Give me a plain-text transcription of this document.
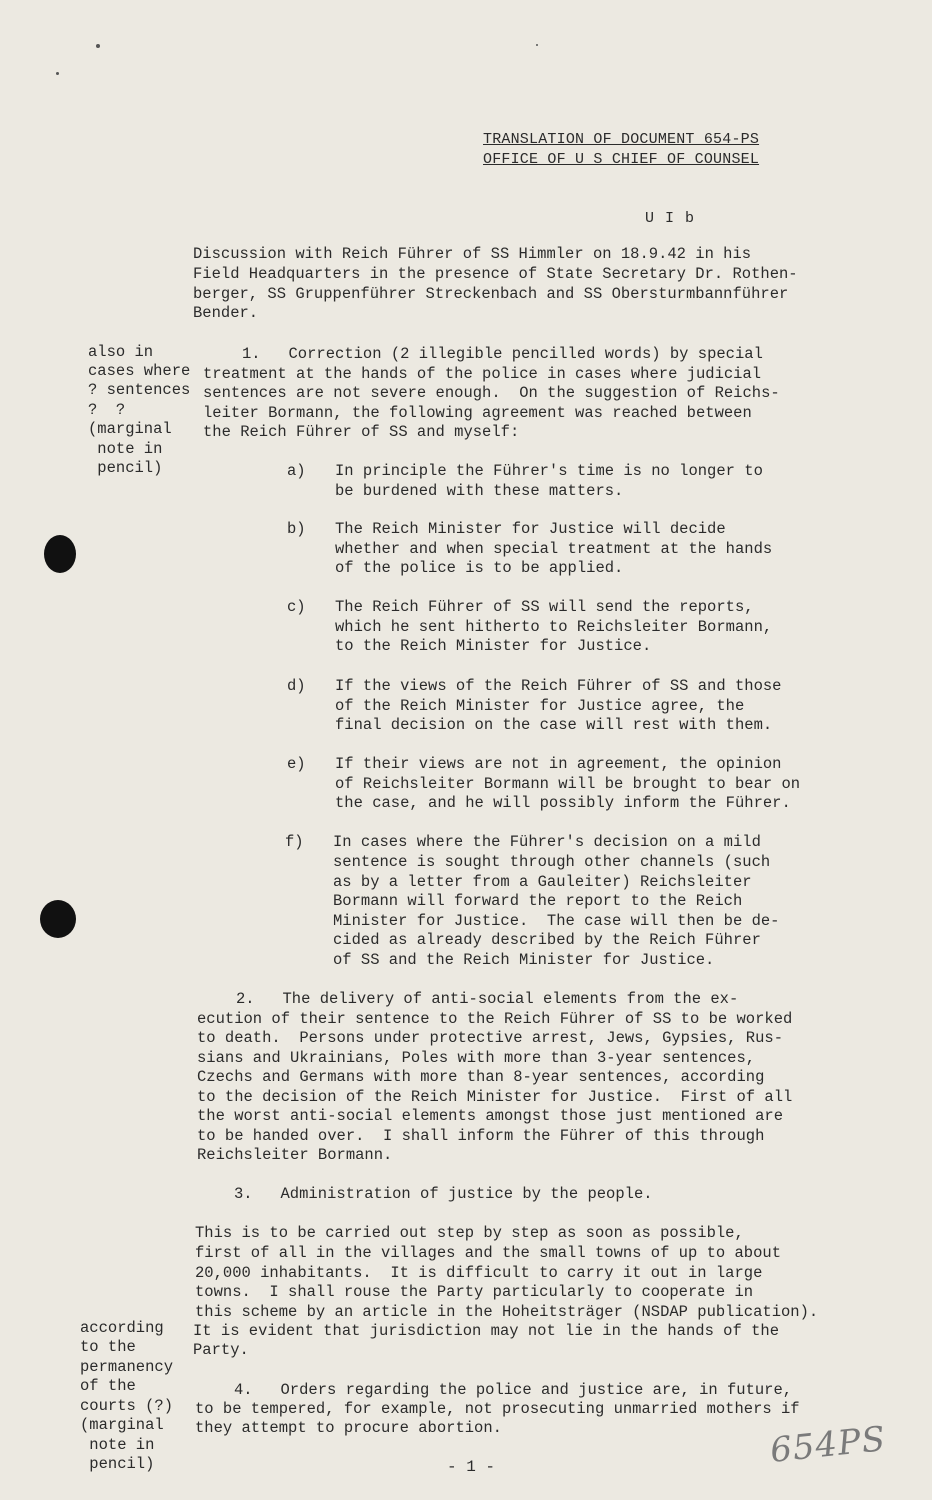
TRANSLATION OF DOCUMENT 654-PS
OFFICE OF U S CHIEF OF COUNSEL
U I b
Discussion with Reich Führer of SS Himmler on 18.9.42 in his
Field Headquarters in the presence of State Secretary Dr. Rothen-
berger, SS Gruppenführer Streckenbach and SS Obersturmbannführer
Bender.
also in
cases where
? sentences
?  ?
(marginal
note in
pencil)
1.   Correction (2 illegible pencilled words) by special
treatment at the hands of the police in cases where judicial
sentences are not severe enough.  On the suggestion of Reichs-
leiter Bormann, the following agreement was reached between
the Reich Führer of SS and myself:
a) In principle the Führer's time is no longer to
be burdened with these matters.
b) The Reich Minister for Justice will decide
whether and when special treatment at the hands
of the police is to be applied.
c) The Reich Führer of SS will send the reports,
which he sent hitherto to Reichsleiter Bormann,
to the Reich Minister for Justice.
d) If the views of the Reich Führer of SS and those
of the Reich Minister for Justice agree, the
final decision on the case will rest with them.
e) If their views are not in agreement, the opinion
of Reichsleiter Bormann will be brought to bear on
the case, and he will possibly inform the Führer.
f) In cases where the Führer's decision on a mild
sentence is sought through other channels (such
as by a letter from a Gauleiter) Reichsleiter
Bormann will forward the report to the Reich
Minister for Justice.  The case will then be de-
cided as already described by the Reich Führer
of SS and the Reich Minister for Justice.
2.   The delivery of anti-social elements from the ex-
ecution of their sentence to the Reich Führer of SS to be worked
to death.  Persons under protective arrest, Jews, Gypsies, Rus-
sians and Ukrainians, Poles with more than 3-year sentences,
Czechs and Germans with more than 8-year sentences, according
to the decision of the Reich Minister for Justice.  First of all
the worst anti-social elements amongst those just mentioned are
to be handed over.  I shall inform the Führer of this through
Reichsleiter Bormann.
3.   Administration of justice by the people.
This is to be carried out step by step as soon as possible,
first of all in the villages and the small towns of up to about
20,000 inhabitants.  It is difficult to carry it out in large
towns.  I shall rouse the Party particularly to cooperate in
this scheme by an article in the Hoheitsträger (NSDAP publication).
It is evident that jurisdiction may not lie in the hands of the
Party.
according
to the
permanency
of the
courts (?)
(marginal
note in
pencil)
4.   Orders regarding the police and justice are, in future,
to be tempered, for example, not prosecuting unmarried mothers if
they attempt to procure abortion.
- 1 -	654PS
